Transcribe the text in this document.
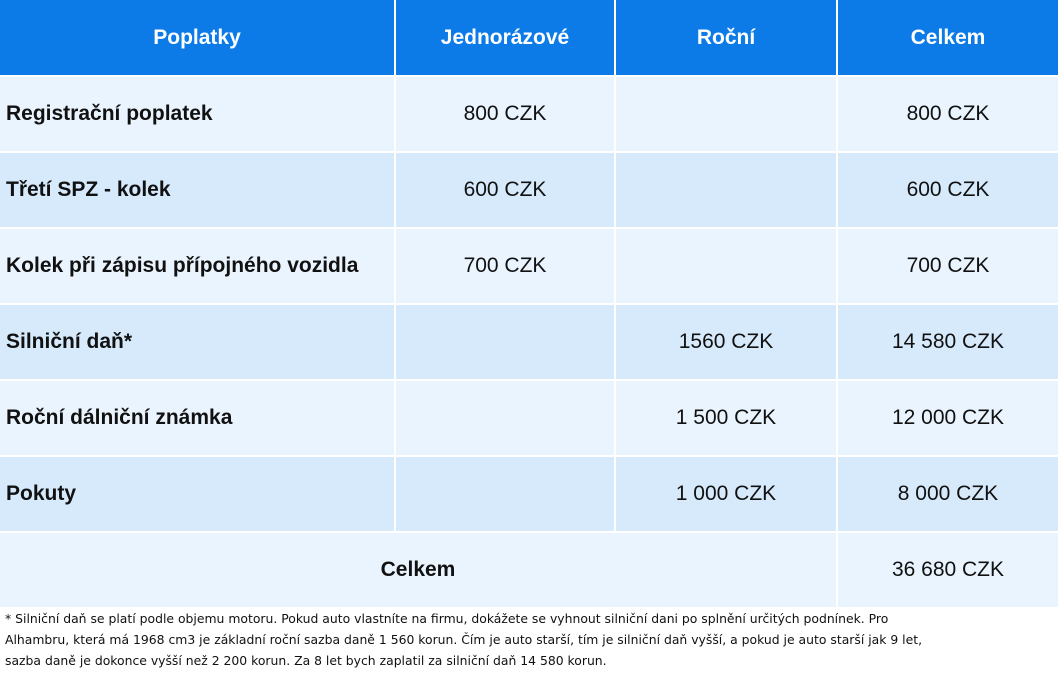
Poplatky	Jednorázové	Roční	Celkem
Registrační poplatek	800 CZK		800 CZK
Třetí SPZ - kolek	600 CZK		600 CZK
Kolek při zápisu přípojného vozidla	700 CZK		700 CZK
Silniční daň*		1560 CZK	14 580 CZK
Roční dálniční známka		1 500 CZK	12 000 CZK
Pokuty		1 000 CZK	8 000 CZK
Celkem			36 680 CZK

* Silniční daň se platí podle objemu motoru. Pokud auto vlastníte na firmu, dokážete se vyhnout silniční dani po splnění určitých podnínek. Pro
Alhambru, která má 1968 cm3 je základní roční sazba daně 1 560 korun. Čím je auto starší, tím je silniční daň vyšší, a pokud je auto starší jak 9 let,
sazba daně je dokonce vyšší než 2 200 korun. Za 8 let bych zaplatil za silniční daň 14 580 korun.
